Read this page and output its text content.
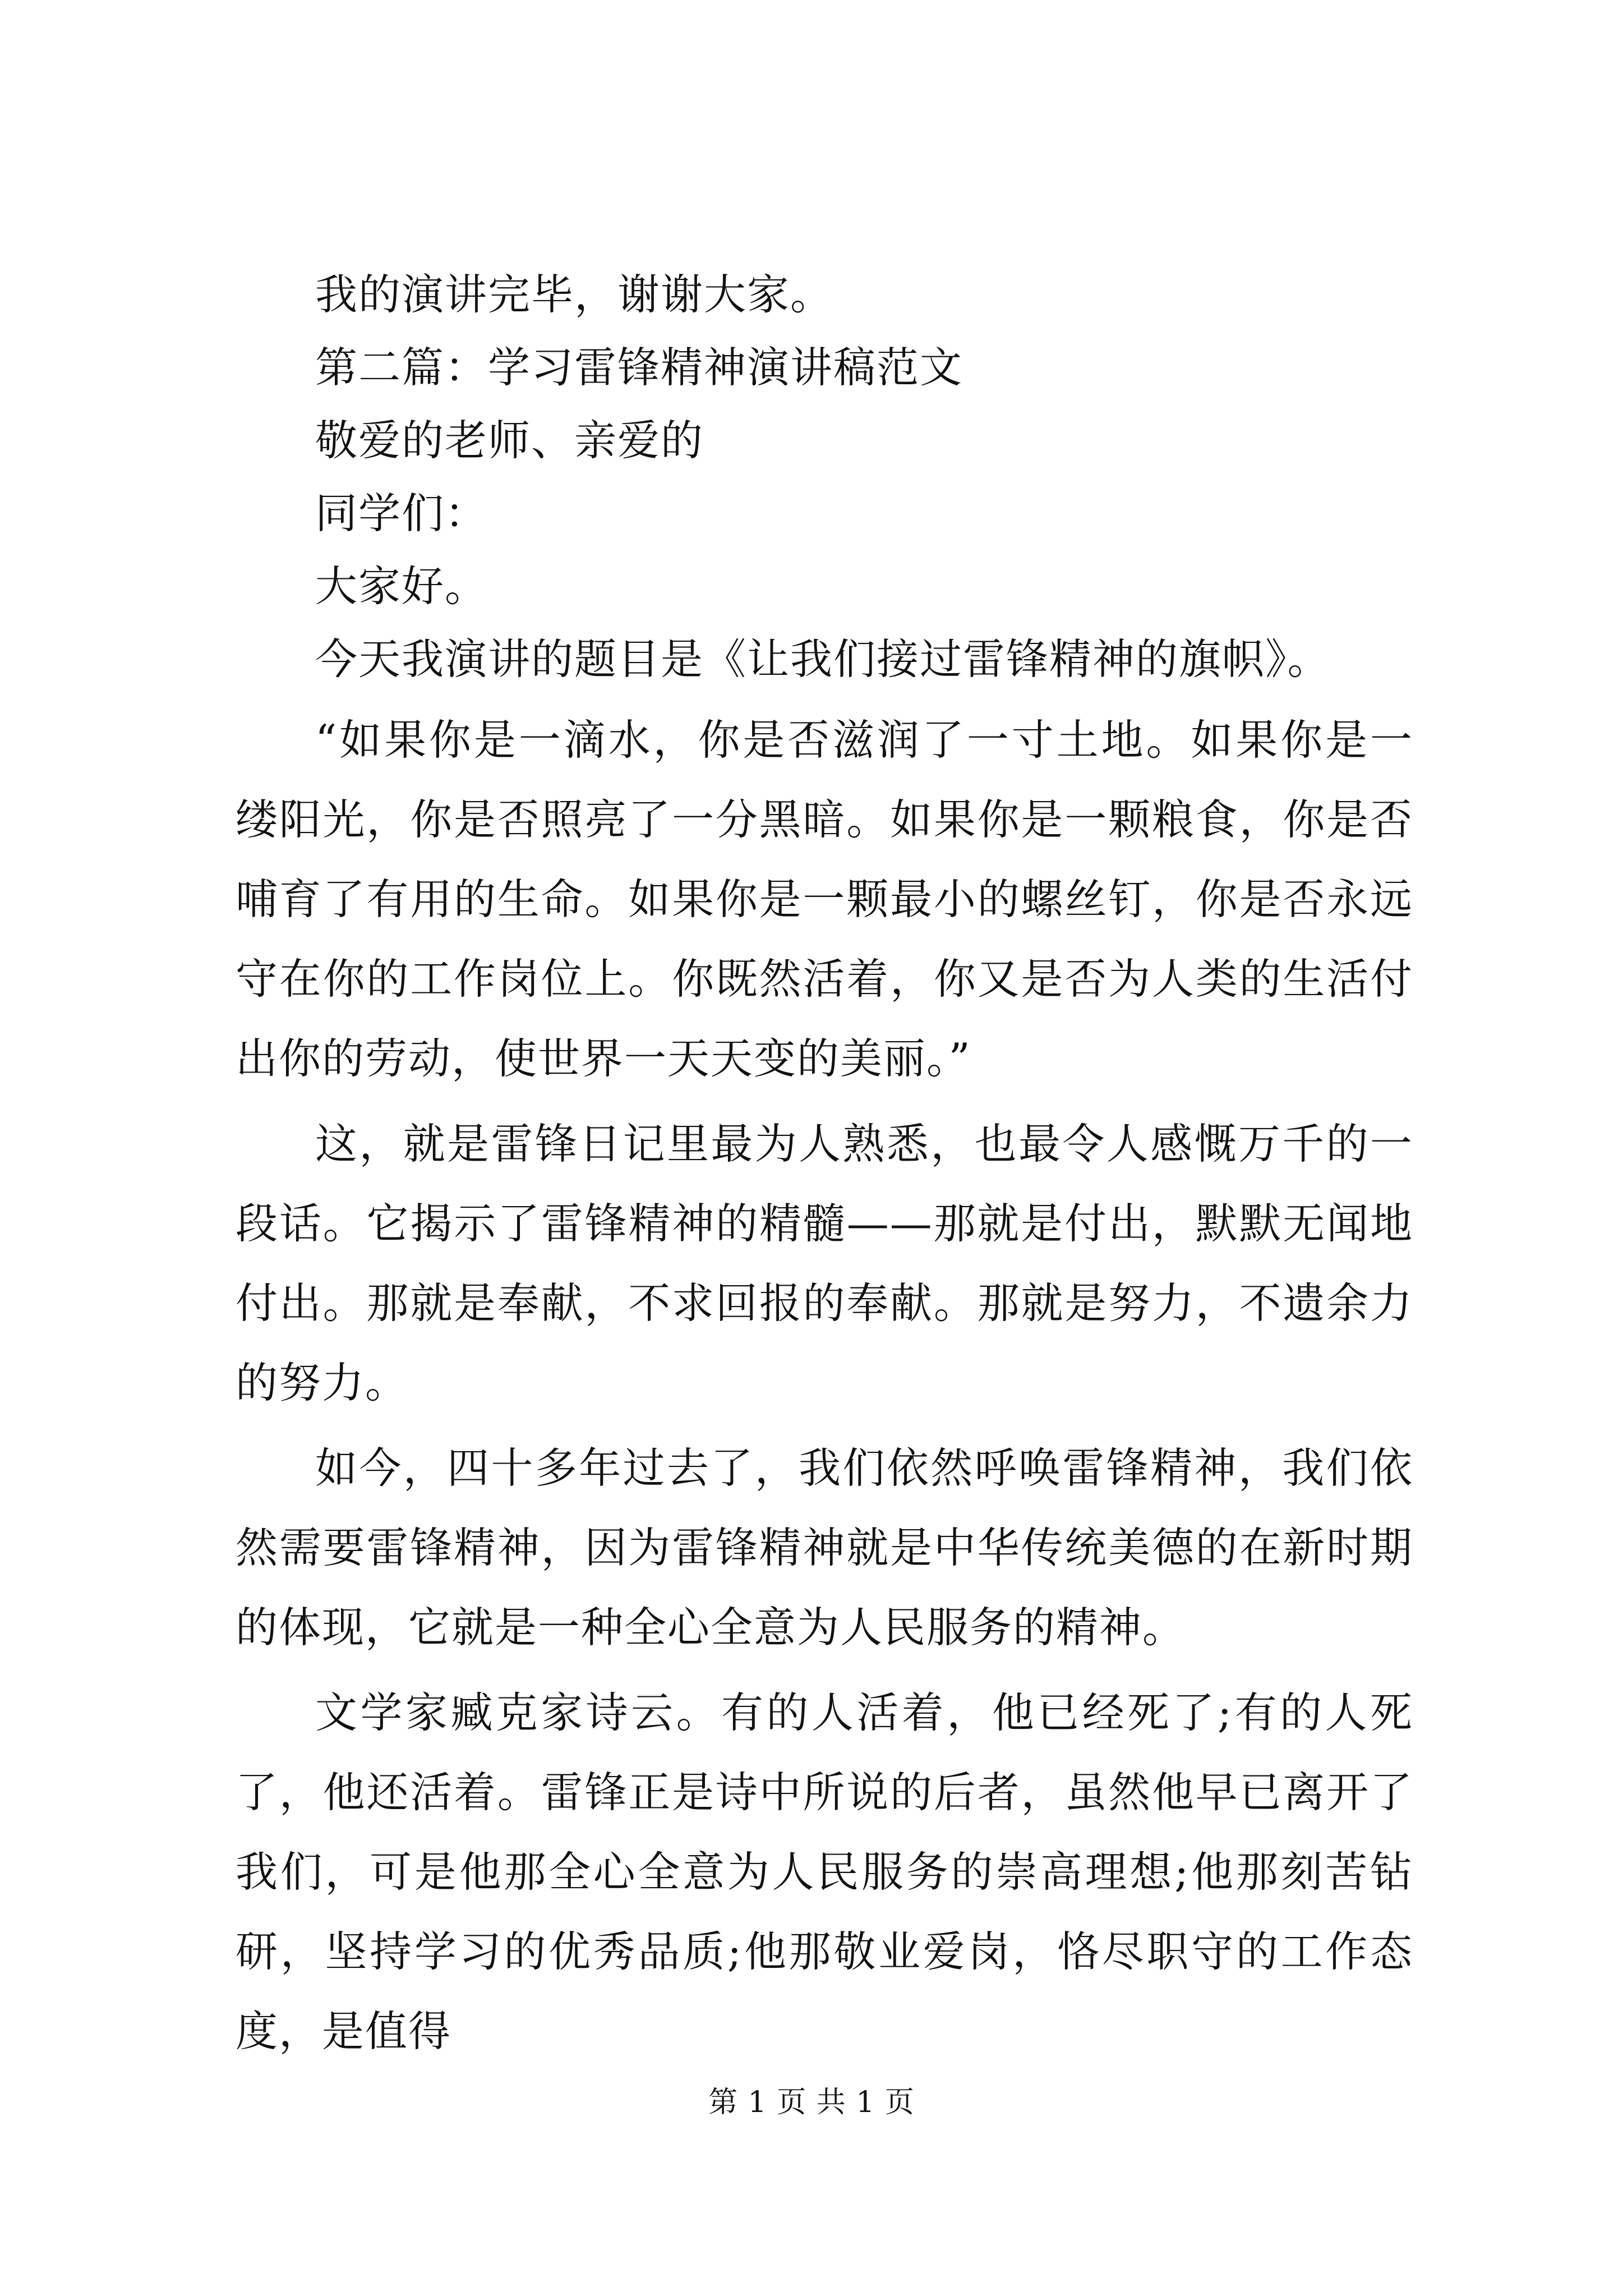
我的演讲完毕，谢谢大家。
第二篇：学习雷锋精神演讲稿范文
敬爱的老师、亲爱的
同学们：
大家好。
今天我演讲的题目是《让我们接过雷锋精神的旗帜》。

“如果你是一滴水，你是否滋润了一寸土地。如果你是一缕阳光，你是否照亮了一分黑暗。如果你是一颗粮食，你是否哺育了有用的生命。如果你是一颗最小的螺丝钉，你是否永远守在你的工作岗位上。你既然活着，你又是否为人类的生活付出你的劳动，使世界一天天变的美丽。”

这，就是雷锋日记里最为人熟悉，也最令人感慨万千的一段话。它揭示了雷锋精神的精髓——那就是付出，默默无闻地付出。那就是奉献，不求回报的奉献。那就是努力，不遗余力的努力。

如今，四十多年过去了，我们依然呼唤雷锋精神，我们依然需要雷锋精神，因为雷锋精神就是中华传统美德的在新时期的体现，它就是一种全心全意为人民服务的精神。

文学家臧克家诗云。有的人活着，他已经死了;有的人死了，他还活着。雷锋正是诗中所说的后者，虽然他早已离开了我们，可是他那全心全意为人民服务的崇高理想;他那刻苦钻研，坚持学习的优秀品质;他那敬业爱岗，恪尽职守的工作态度，是值得

第 1 页 共 1 页
